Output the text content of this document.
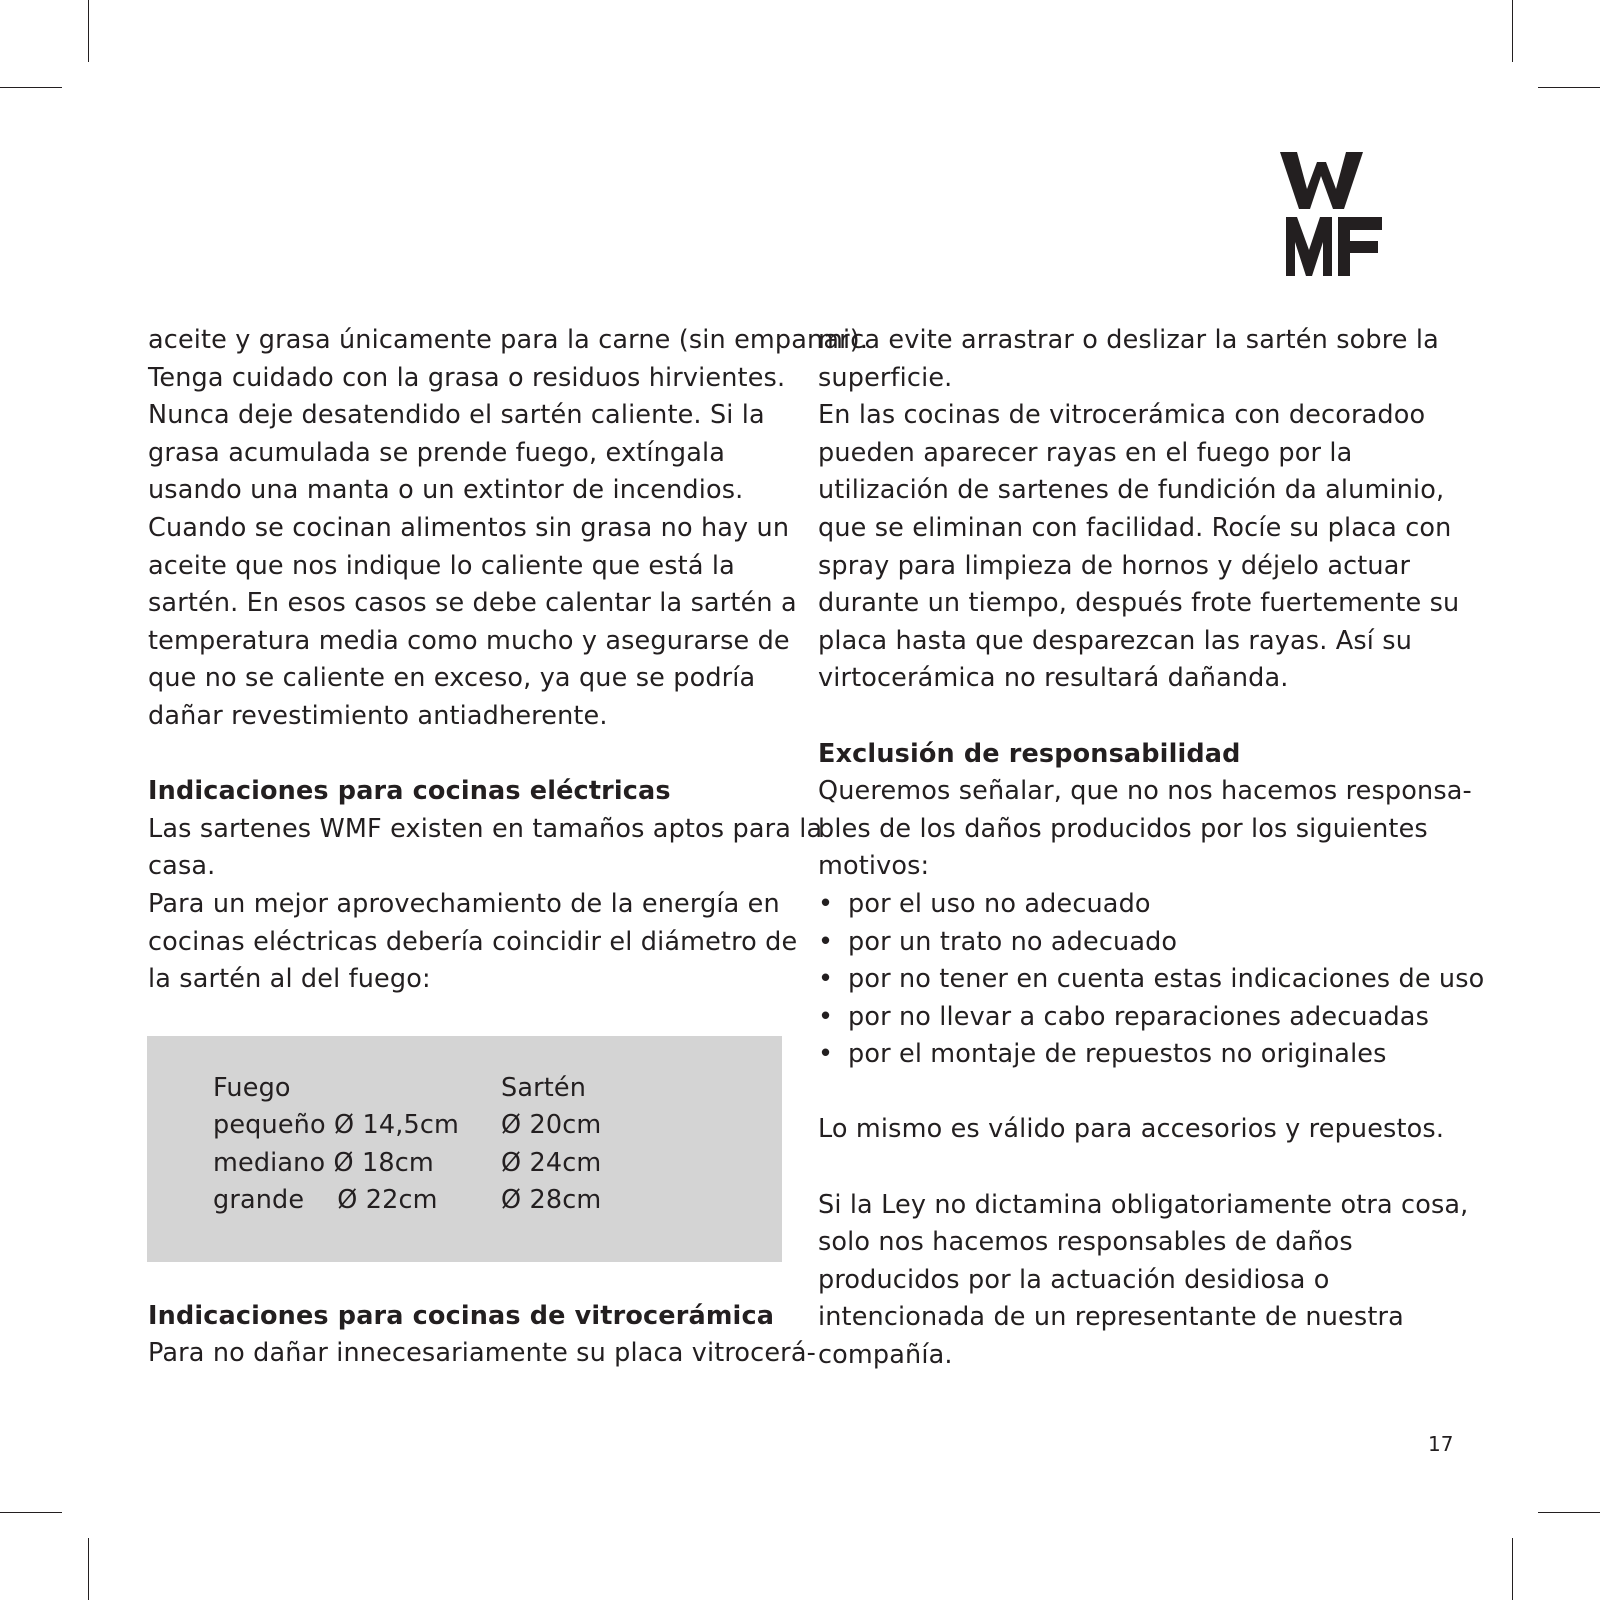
aceite y grasa únicamente para la carne (sin empanar).
Tenga cuidado con la grasa o residuos hirvientes.
Nunca deje desatendido el sartén caliente. Si la
grasa acumulada se prende fuego, extíngala
usando una manta o un extintor de incendios.
Cuando se cocinan alimentos sin grasa no hay un
aceite que nos indique lo caliente que está la
sartén. En esos casos se debe calentar la sartén a
temperatura media como mucho y asegurarse de
que no se caliente en exceso, ya que se podría
dañar revestimiento antiadherente.
Indicaciones para cocinas eléctricas
Las sartenes WMF existen en tamaños aptos para la
casa.
Para un mejor aprovechamiento de la energía en
cocinas eléctricas debería coincidir el diámetro de
la sartén al del fuego:
Fuego	Sartén
pequeño Ø 14,5cm Ø 20cm
mediano Ø 18cm	Ø 24cm
grande    Ø 22cm Ø 28cm
Indicaciones para cocinas de vitrocerámica
Para no dañar innecesariamente su placa vitrocerá-
mica evite arrastrar o deslizar la sartén sobre la
superficie.
En las cocinas de vitrocerámica con decoradoo
pueden aparecer rayas en el fuego por la
utilización de sartenes de fundición da aluminio,
que se eliminan con facilidad. Rocíe su placa con
spray para limpieza de hornos y déjelo actuar
durante un tiempo, después frote fuertemente su
placa hasta que desparezcan las rayas. Así su
virtocerámica no resultará dañanda.
Exclusión de responsabilidad
Queremos señalar, que no nos hacemos responsa-
bles de los daños producidos por los siguientes
motivos:
• por el uso no adecuado
• por un trato no adecuado
• por no tener en cuenta estas indicaciones de uso
• por no llevar a cabo reparaciones adecuadas
• por el montaje de repuestos no originales
Lo mismo es válido para accesorios y repuestos.
Si la Ley no dictamina obligatoriamente otra cosa,
solo nos hacemos responsables de daños
producidos por la actuación desidiosa o
intencionada de un representante de nuestra
compañía.
17
